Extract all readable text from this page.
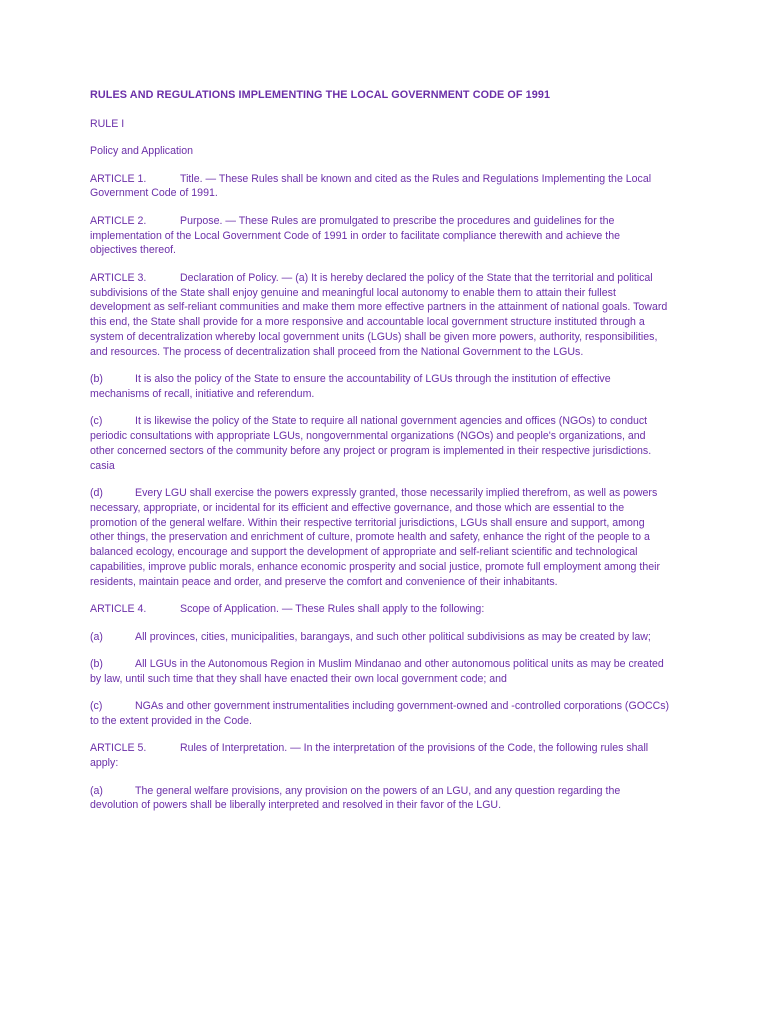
RULES AND REGULATIONS IMPLEMENTING THE LOCAL GOVERNMENT CODE OF 1991
RULE I
Policy and Application
ARTICLE 1.	Title. — These Rules shall be known and cited as the Rules and Regulations Implementing the Local Government Code of 1991.
ARTICLE 2.	Purpose. — These Rules are promulgated to prescribe the procedures and guidelines for the implementation of the Local Government Code of 1991 in order to facilitate compliance therewith and achieve the objectives thereof.
ARTICLE 3.	Declaration of Policy. — (a) It is hereby declared the policy of the State that the territorial and political subdivisions of the State shall enjoy genuine and meaningful local autonomy to enable them to attain their fullest development as self-reliant communities and make them more effective partners in the attainment of national goals. Toward this end, the State shall provide for a more responsive and accountable local government structure instituted through a system of decentralization whereby local government units (LGUs) shall be given more powers, authority, responsibilities, and resources. The process of decentralization shall proceed from the National Government to the LGUs.
(b)	It is also the policy of the State to ensure the accountability of LGUs through the institution of effective mechanisms of recall, initiative and referendum.
(c)	It is likewise the policy of the State to require all national government agencies and offices (NGOs) to conduct periodic consultations with appropriate LGUs, nongovernmental organizations (NGOs) and people's organizations, and other concerned sectors of the community before any project or program is implemented in their respective jurisdictions. casia
(d)	Every LGU shall exercise the powers expressly granted, those necessarily implied therefrom, as well as powers necessary, appropriate, or incidental for its efficient and effective governance, and those which are essential to the promotion of the general welfare. Within their respective territorial jurisdictions, LGUs shall ensure and support, among other things, the preservation and enrichment of culture, promote health and safety, enhance the right of the people to a balanced ecology, encourage and support the development of appropriate and self-reliant scientific and technological capabilities, improve public morals, enhance economic prosperity and social justice, promote full employment among their residents, maintain peace and order, and preserve the comfort and convenience of their inhabitants.
ARTICLE 4.	Scope of Application. — These Rules shall apply to the following:
(a)	All provinces, cities, municipalities, barangays, and such other political subdivisions as may be created by law;
(b)	All LGUs in the Autonomous Region in Muslim Mindanao and other autonomous political units as may be created by law, until such time that they shall have enacted their own local government code; and
(c)	NGAs and other government instrumentalities including government-owned and -controlled corporations (GOCCs) to the extent provided in the Code.
ARTICLE 5.	Rules of Interpretation. — In the interpretation of the provisions of the Code, the following rules shall apply:
(a)	The general welfare provisions, any provision on the powers of an LGU, and any question regarding the devolution of powers shall be liberally interpreted and resolved in their favor of the LGU.
